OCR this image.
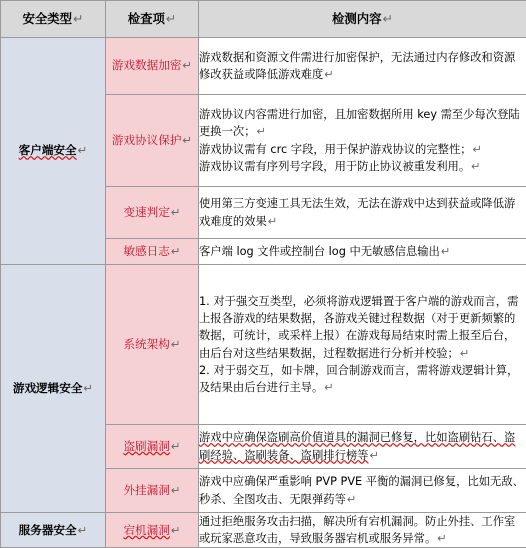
安全类型↵	检查项↵	检测内容↵
客户端安全↵	游戏数据加密↵	游戏数据和资源文件需进行加密保护，无法通过内存修改和资源修改获益或降低游戏难度↵
	游戏协议保护↵	游戏协议内容需进行加密，且加密数据所用 key 需至少每次登陆更换一次；↵
游戏协议需有 crc 字段，用于保护游戏协议的完整性；↵
游戏协议需有序列号字段，用于防止协议被重发利用。↵

	变速判定↵	使用第三方变速工具无法生效，无法在游戏中达到获益或降低游戏难度的效果↵
	敏感日志↵	客户端 log 文件或控制台 log 中无敏感信息输出↵
游戏逻辑安全↵	系统架构↵	1. 对于强交互类型，必须将游戏逻辑置于客户端的游戏而言，需上报各游戏的结果数据，各游戏关键过程数据（对于更新频繁的数据，可统计，或采样上报）在游戏每局结束时需上报至后台，由后台对这些结果数据，过程数据进行分析并校验；↵
2. 对于弱交互，如卡牌，回合制游戏而言，需将游戏逻辑计算，及结果由后台进行主导。↵

	盗刷漏洞↵	游戏中应确保盗刷高价值道具的漏洞已修复，比如盗刷钻石、盗刷经验、盗刷装备、盗刷排行榜等↵
	外挂漏洞↵	游戏中应确保严重影响 PVP PVE 平衡的漏洞已修复，比如无敌、秒杀、全图攻击、无限弹药等↵
服务器安全↵	宕机漏洞↵	通过拒绝服务攻击扫描，解决所有宕机漏洞。防止外挂、工作室或玩家恶意攻击，导致服务器宕机或服务异常。↵
